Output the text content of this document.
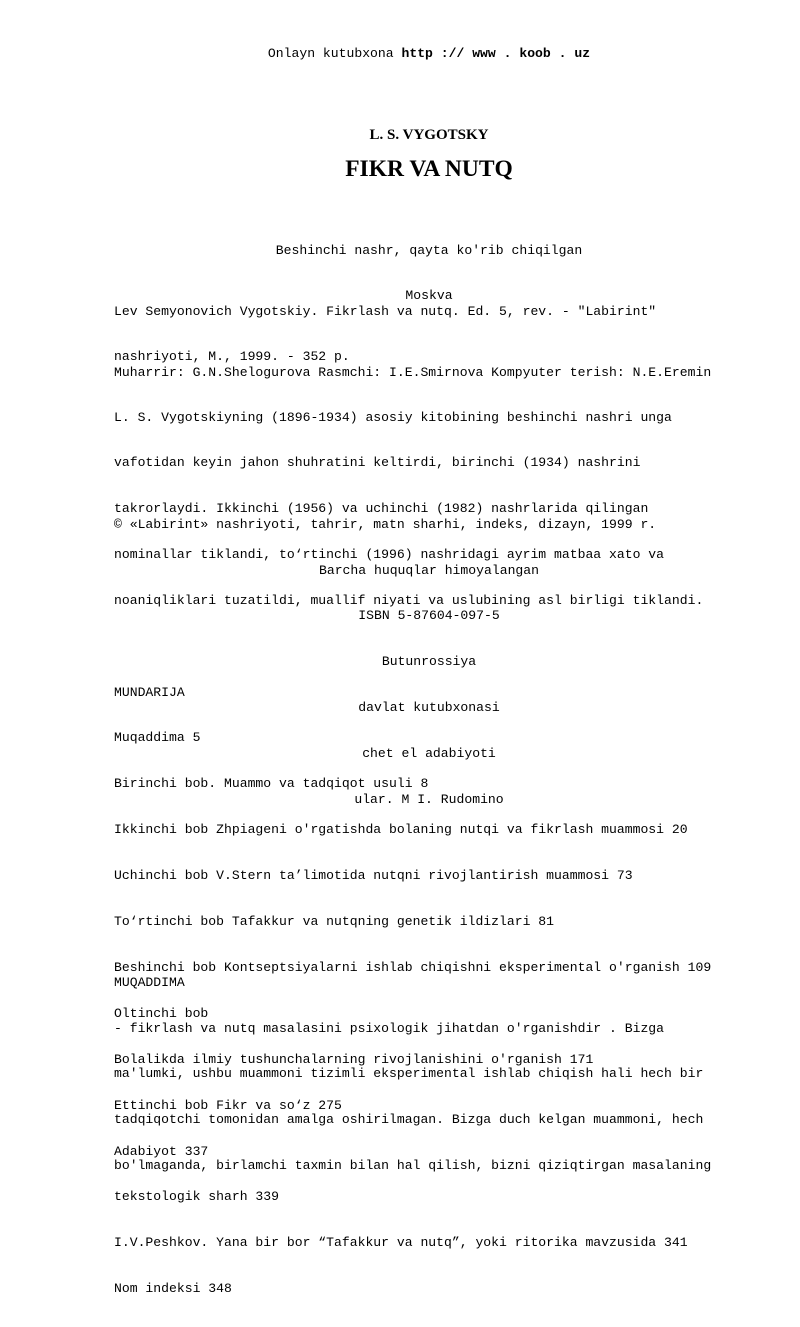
Onlayn kutubxona http :// www . koob . uz
L. S. VYGOTSKY
FIKR VA NUTQ

Beshinchi nashr, qayta ko'rib chiqilgan

Moskva

Lev Semyonovich Vygotskiy. Fikrlash va nutq. Ed. 5, rev. - "Labirint"

nashriyoti, M., 1999. - 352 p.

Muharrir: G.N.Shelogurova Rasmchi: I.E.Smirnova Kompyuter terish: N.E.Eremin

L. S. Vygotskiyning (1896-1934) asosiy kitobining beshinchi nashri unga

vafotidan keyin jahon shuhratini keltirdi, birinchi (1934) nashrini

takrorlaydi. Ikkinchi (1956) va uchinchi (1982) nashrlarida qilingan

nominallar tiklandi, to‘rtinchi (1996) nashridagi ayrim matbaa xato va

noaniqliklari tuzatildi, muallif niyati va uslubining asl birligi tiklandi.

© «Labirint» nashriyoti, tahrir, matn sharhi, indeks, dizayn, 1999 r.

Barcha huquqlar himoyalangan

ISBN 5-87604-097-5

Butunrossiya

davlat kutubxonasi

chet el adabiyoti

ular. M I. Rudomino

MUNDARIJA

Muqaddima 5

Birinchi bob. Muammo va tadqiqot usuli 8

Ikkinchi bob Zhpiageni o'rgatishda bolaning nutqi va fikrlash muammosi 20

Uchinchi bob V.Stern ta’limotida nutqni rivojlantirish muammosi 73

To‘rtinchi bob Tafakkur va nutqning genetik ildizlari 81

Beshinchi bob Kontseptsiyalarni ishlab chiqishni eksperimental o'rganish 109

Oltinchi bob

Bolalikda ilmiy tushunchalarning rivojlanishini o'rganish 171

Ettinchi bob Fikr va so‘z 275

Adabiyot 337

tekstologik sharh 339

I.V.Peshkov. Yana bir bor “Tafakkur va nutq”, yoki ritorika mavzusida 341

Nom indeksi 348

MUQADDIMA

- fikrlash va nutq masalasini psixologik jihatdan o'rganishdir . Bizga

ma'lumki, ushbu muammoni tizimli eksperimental ishlab chiqish hali hech bir

tadqiqotchi tomonidan amalga oshirilmagan. Bizga duch kelgan muammoni, hech

bo'lmaganda, birlamchi taxmin bilan hal qilish, bizni qiziqtirgan masalaning
